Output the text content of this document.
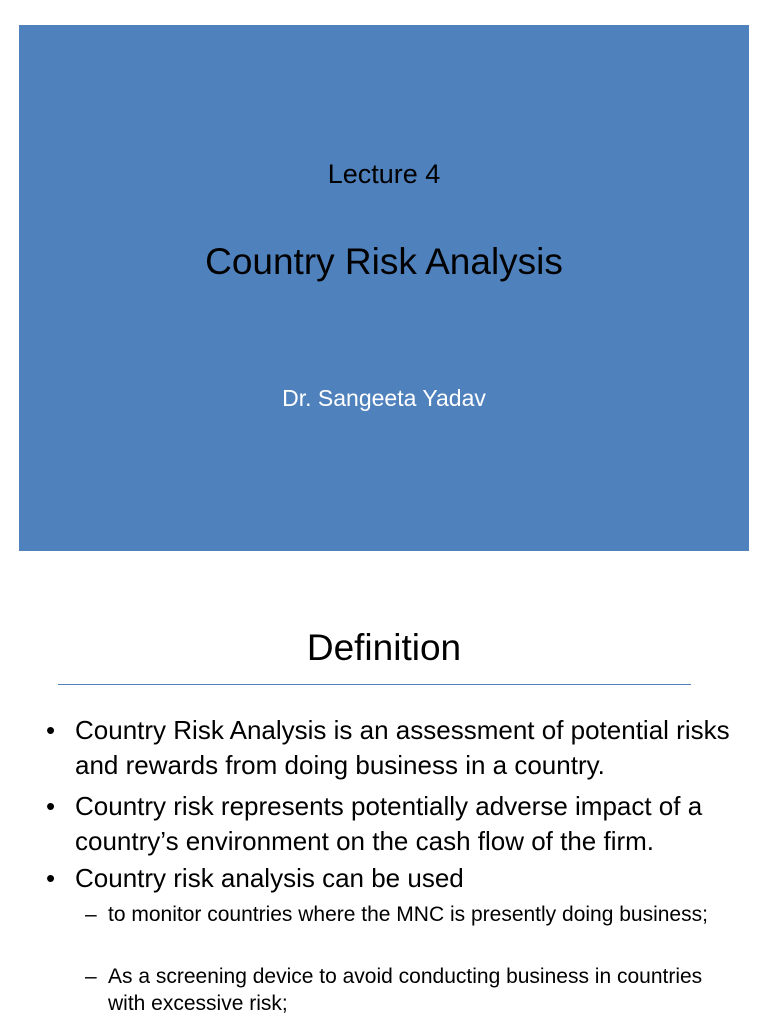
Lecture 4
Country Risk Analysis
Dr. Sangeeta Yadav
Definition
• Country Risk Analysis is an assessment of potential risks and rewards from doing business in a country.
• Country risk represents potentially adverse impact of a country’s environment on the cash flow of the firm.
• Country risk analysis can be used
– to monitor countries where the MNC is presently doing business;
– As a screening device to avoid conducting business in countries with excessive risk;
